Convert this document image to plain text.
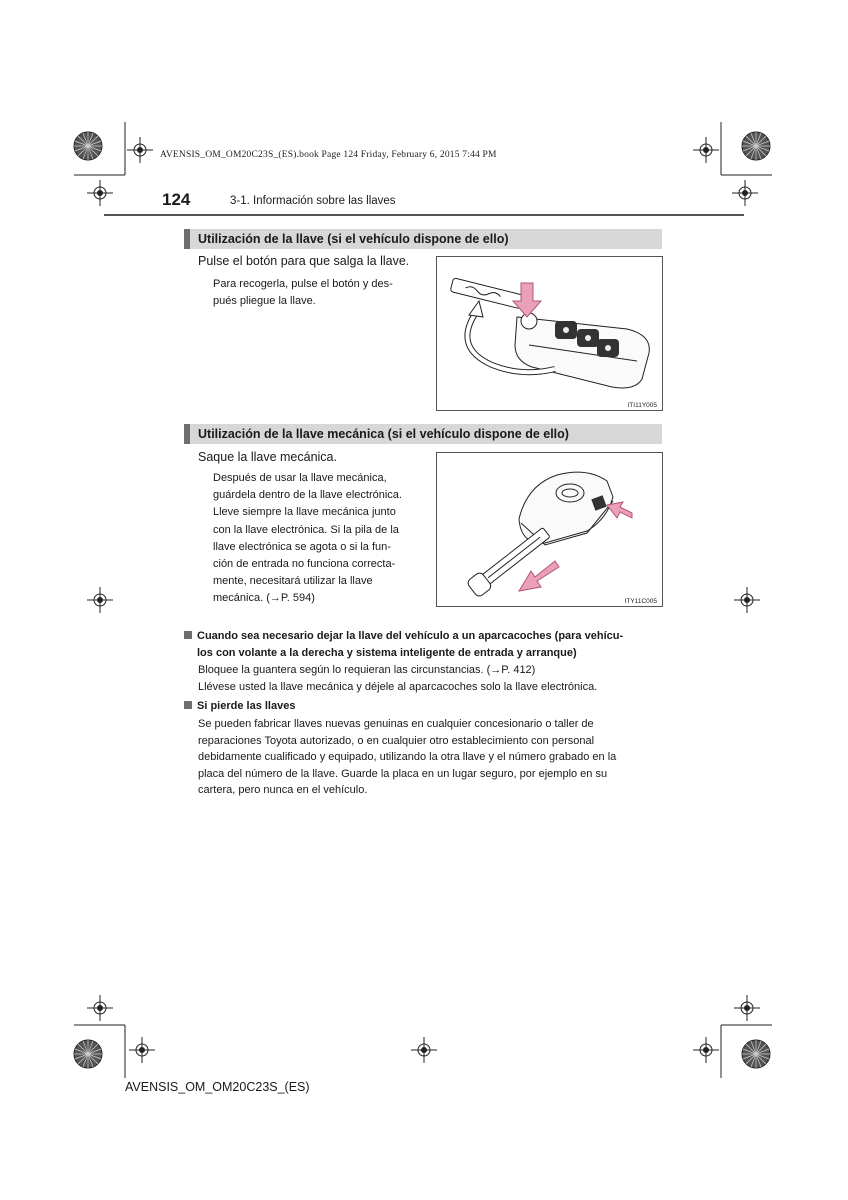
AVENSIS_OM_OM20C23S_(ES).book Page 124 Friday, February 6, 2015 7:44 PM
124	3-1. Información sobre las llaves
Utilización de la llave (si el vehículo dispone de ello)
Pulse el botón para que salga la llave.
Para recogerla, pulse el botón y des-
pués pliegue la llave.
ITI11Y005
Utilización de la llave mecánica (si el vehículo dispone de ello)
Saque la llave mecánica.
Después de usar la llave mecánica,
guárdela dentro de la llave electrónica.
Lleve siempre la llave mecánica junto
con la llave electrónica. Si la pila de la
llave electrónica se agota o si la fun-
ción de entrada no funciona correcta-
mente, necesitará utilizar la llave
mecánica. (→P. 594)	ITY11C005
Cuando sea necesario dejar la llave del vehículo a un aparcacoches (para vehícu-
los con volante a la derecha y sistema inteligente de entrada y arranque)
Bloquee la guantera según lo requieran las circunstancias. (→P. 412)
Llévese usted la llave mecánica y déjele al aparcacoches solo la llave electrónica.
Si pierde las llaves
Se pueden fabricar llaves nuevas genuinas en cualquier concesionario o taller de
reparaciones Toyota autorizado, o en cualquier otro establecimiento con personal
debidamente cualificado y equipado, utilizando la otra llave y el número grabado en la
placa del número de la llave. Guarde la placa en un lugar seguro, por ejemplo en su
cartera, pero nunca en el vehículo.
AVENSIS_OM_OM20C23S_(ES)
